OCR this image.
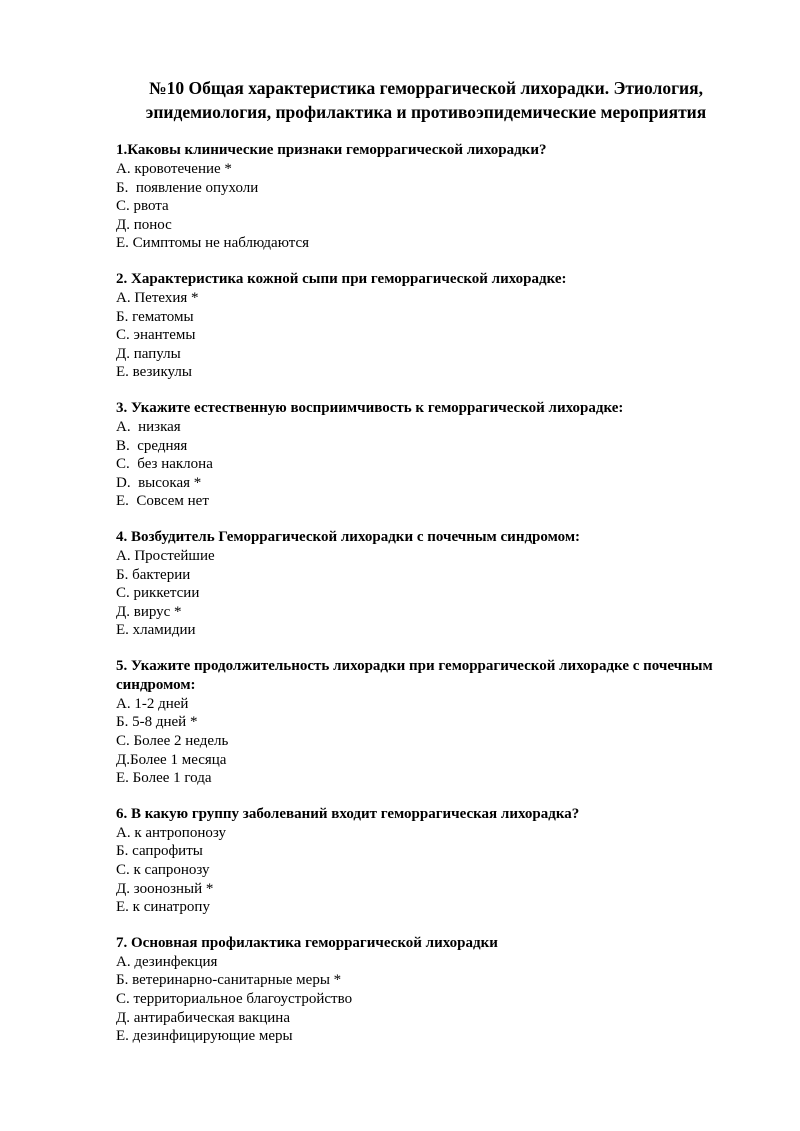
№10 Общая характеристика геморрагической лихорадки. Этиология,
эпидемиология, профилактика и противоэпидемические мероприятия

1.Каковы клинические признаки геморрагической лихорадки?

А. кровотечение *
Б.  появление опухоли
С. рвота
Д. понос
Е. Симптомы не наблюдаются

2. Характеристика кожной сыпи при геморрагической лихорадке:

А. Петехия *
Б. гематомы
С. энантемы
Д. папулы
Е. везикулы

3. Укажите естественную восприимчивость к геморрагической лихорадке:

A.  низкая
B.  средняя
C.  без наклона
D.  высокая *
E.  Совсем нет

4. Возбудитель Геморрагической лихорадки с почечным синдромом:

А. Простейшие
Б. бактерии
С. риккетсии
Д. вирус *
Е. хламидии

5. Укажите продолжительность лихорадки при геморрагической лихорадке с почечным синдромом:

А. 1-2 дней
Б. 5-8 дней *
С. Более 2 недель
Д.Более 1 месяца
Е. Более 1 года

6. В какую группу заболеваний входит геморрагическая лихорадка?

А. к антропонозу
Б. сапрофиты
С. к сапронозу
Д. зоонозный *
Е. к синатропу

7. Основная профилактика геморрагической лихорадки

А. дезинфекция
Б. ветеринарно-санитарные меры *
С. территориальное благоустройство
Д. антирабическая вакцина
Е. дезинфицирующие меры
